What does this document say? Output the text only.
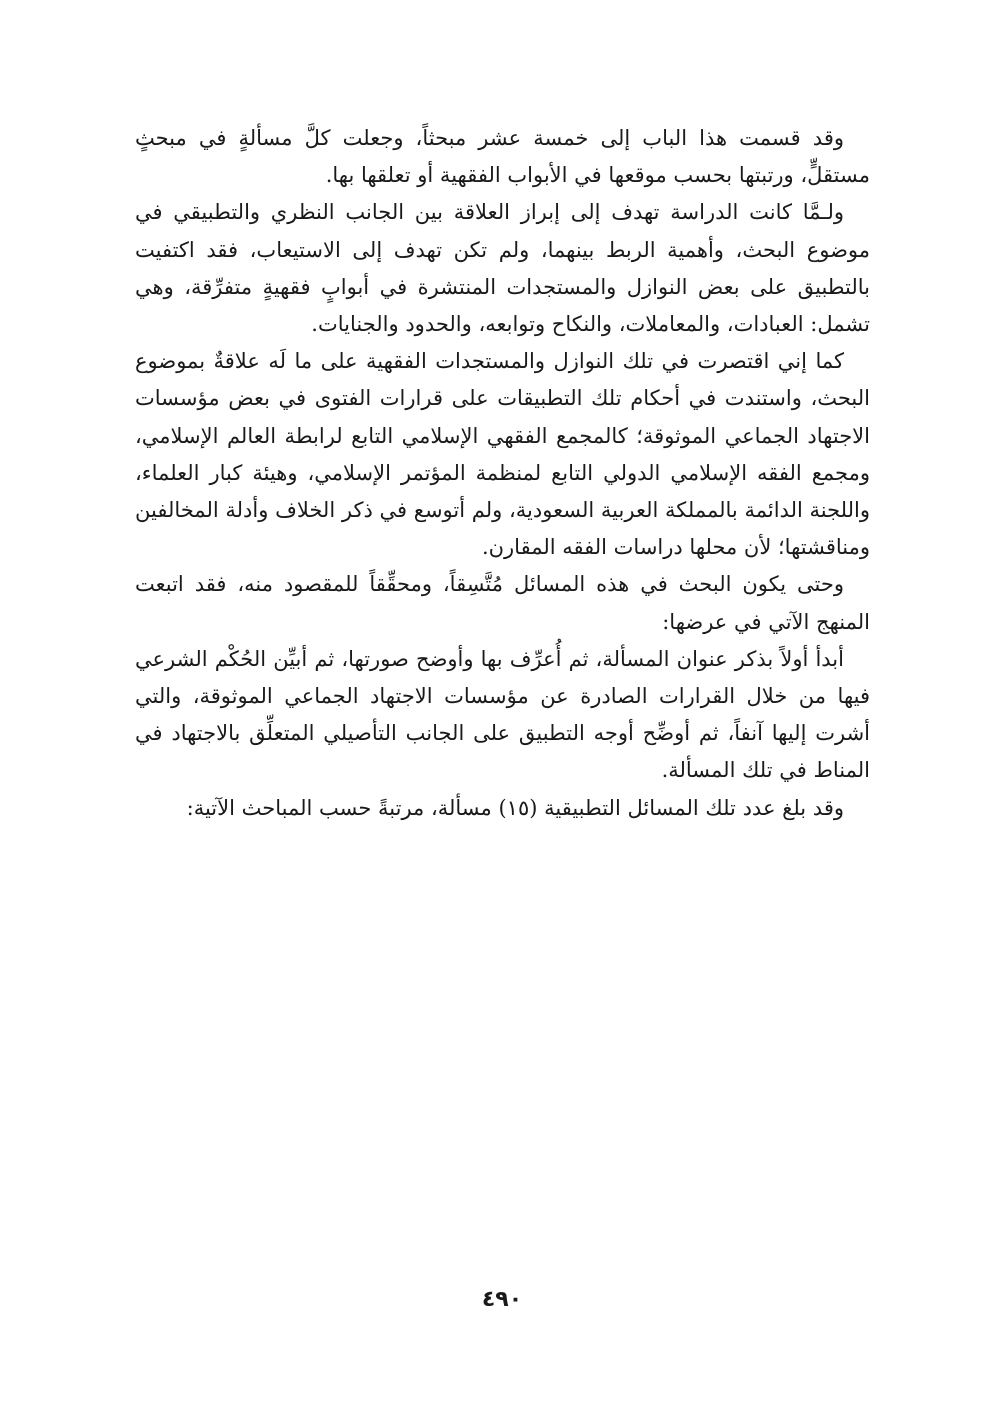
وقد قسمت هذا الباب إلى خمسة عشر مبحثاً، وجعلت كلَّ مسألةٍ في مبحثٍ مستقلٍّ، ورتبتها بحسب موقعها في الأبواب الفقهية أو تعلقها بها.

ولـمَّا كانت الدراسة تهدف إلى إبراز العلاقة بين الجانب النظري والتطبيقي في موضوع البحث، وأهمية الربط بينهما، ولم تكن تهدف إلى الاستيعاب، فقد اكتفيت بالتطبيق على بعض النوازل والمستجدات المنتشرة في أبوابٍ فقهيةٍ متفرِّقة، وهي تشمل: العبادات، والمعاملات، والنكاح وتوابعه، والحدود والجنايات.

كما إني اقتصرت في تلك النوازل والمستجدات الفقهية على ما لَه علاقةٌ بموضوع البحث، واستندت في أحكام تلك التطبيقات على قرارات الفتوى في بعض مؤسسات الاجتهاد الجماعي الموثوقة؛ كالمجمع الفقهي الإسلامي التابع لرابطة العالم الإسلامي، ومجمع الفقه الإسلامي الدولي التابع لمنظمة المؤتمر الإسلامي، وهيئة كبار العلماء، واللجنة الدائمة بالمملكة العربية السعودية، ولم أتوسع في ذكر الخلاف وأدلة المخالفين ومناقشتها؛ لأن محلها دراسات الفقه المقارن.

وحتى يكون البحث في هذه المسائل مُتَّسِقاً، ومحقِّقاً للمقصود منه، فقد اتبعت المنهج الآتي في عرضها:

أبدأ أولاً بذكر عنوان المسألة، ثم أُعرِّف بها وأوضح صورتها، ثم أبيِّن الحُكْم الشرعي فيها من خلال القرارات الصادرة عن مؤسسات الاجتهاد الجماعي الموثوقة، والتي أشرت إليها آنفاً، ثم أوضِّح أوجه التطبيق على الجانب التأصيلي المتعلِّق بالاجتهاد في المناط في تلك المسألة.

وقد بلغ عدد تلك المسائل التطبيقية (١٥) مسألة، مرتبةً حسب المباحث الآتية:

٤٩٠
